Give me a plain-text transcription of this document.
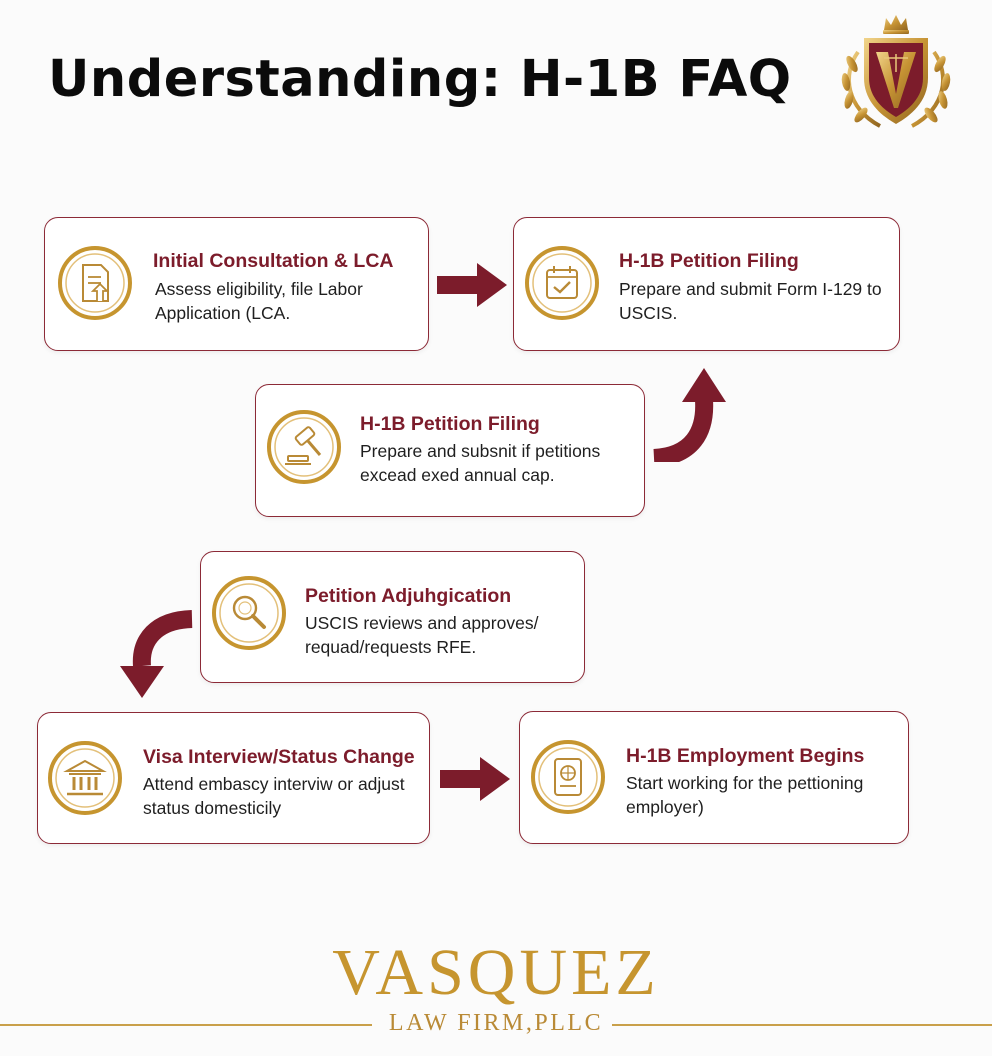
Understanding: H-1B FAQ
Initial Consultation & LCA
Assess eligibility, file Labor Application (LCA.
H-1B Petition Filing
Prepare and submit Form I-129 to USCIS.
H-1B Petition Filing
Prepare and subsnit if petitions excead exed annual cap.
Petition Adjuhgication
USCIS reviews and approves/ requad/requests RFE.
Visa Interview/Status Change
Attend embascy interviw or adjust status domesticily
H-1B Employment Begins
Start working for the pettioning employer)
VASQUEZ
LAW FIRM,PLLC
